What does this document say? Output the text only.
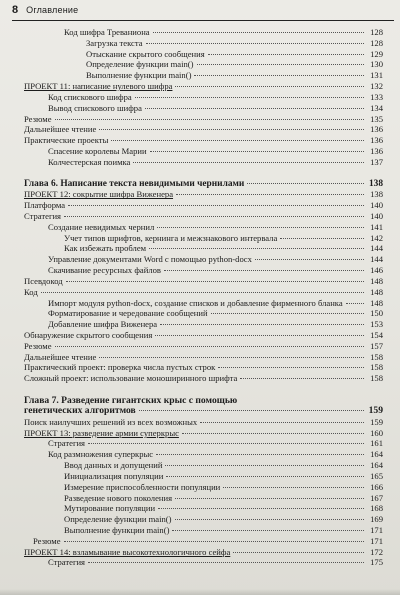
8 Оглавление
Код шифра Треваниона	128
Загрузка текста	128
Отыскание скрытого сообщения	129
Определение функции main()	130
Выполнение функции main()	131
ПРОЕКТ 11: написание нулевого шифра	132
Код спискового шифра	133
Вывод спискового шифра	134
Резюме	135
Дальнейшее чтение	136
Практические проекты	136
Спасение королевы Марии	136
Колчестерская поимка	137
Глава 6. Написание текста невидимыми чернилами	138
ПРОЕКТ 12: сокрытие шифра Виженера	138
Платформа	140
Стратегия	140
Создание невидимых чернил	141
Учет типов шрифтов, кернинга и межзнакового интервала	142
Как избежать проблем	144
Управление документами Word с помощью python-docx	144
Скачивание ресурсных файлов	146
Псевдокод	148
Код	148
Импорт модуля python-docx, создание списков и добавление фирменного бланка	148
Форматирование и чередование сообщений	150
Добавление шифра Виженера	153
Обнаружение скрытого сообщения	154
Резюме	157
Дальнейшее чтение	158
Практический проект: проверка числа пустых строк	158
Сложный проект: использование моноширинного шрифта	158
Глава 7. Разведение гигантских крыс с помощью
генетических алгоритмов	159
Поиск наилучших решений из всех возможных	159
ПРОЕКТ 13: разведение армии суперкрыс	160
Стратегия	161
Код размножения суперкрыс	164
Ввод данных и допущений	164
Инициализация популяции	165
Измерение приспособленности популяции	166
Разведение нового поколения	167
Мутирование популяции	168
Определение функции main()	169
Выполнение функции main()	171
Резюме	171
ПРОЕКТ 14: взламывание высокотехнологичного сейфа	172
Стратегия	175
